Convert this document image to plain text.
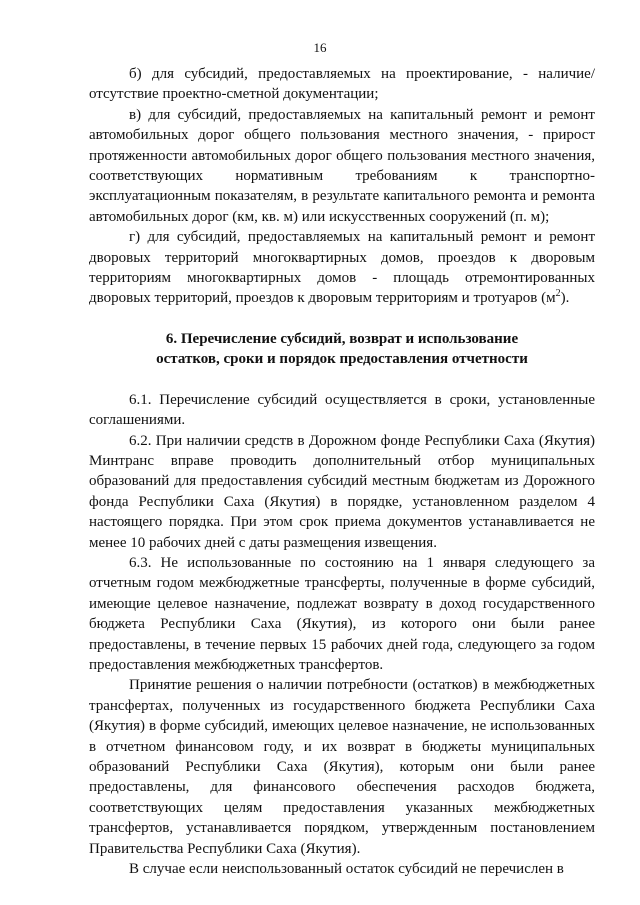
16

б) для субсидий, предоставляемых на проектирование, - наличие/отсутствие проектно-сметной документации;

в) для субсидий, предоставляемых на капитальный ремонт и ремонт автомобильных дорог общего пользования местного значения, - прирост протяженности автомобильных дорог общего пользования местного значения, соответствующих нормативным требованиям к транспортно-эксплуатационным показателям, в результате капитального ремонта и ремонта автомобильных дорог (км, кв. м) или искусственных сооружений (п. м);

г) для субсидий, предоставляемых на капитальный ремонт и ремонт дворовых территорий многоквартирных домов, проездов к дворовым территориям многоквартирных домов - площадь отремонтированных дворовых территорий, проездов к дворовым территориям и тротуаров $(м^2)$.

6. Перечисление субсидий, возврат и использование
остатков, сроки и порядок предоставления отчетности

6.1. Перечисление субсидий осуществляется в сроки, установленные соглашениями.

6.2. При наличии средств в Дорожном фонде Республики Саха (Якутия) Минтранс вправе проводить дополнительный отбор муниципальных образований для предоставления субсидий местным бюджетам из Дорожного фонда Республики Саха (Якутия) в порядке, установленном разделом 4 настоящего порядка. При этом срок приема документов устанавливается не менее 10 рабочих дней с даты размещения извещения.

6.3. Не использованные по состоянию на 1 января следующего за отчетным годом межбюджетные трансферты, полученные в форме субсидий, имеющие целевое назначение, подлежат возврату в доход государственного бюджета Республики Саха (Якутия), из которого они были ранее предоставлены, в течение первых 15 рабочих дней года, следующего за годом предоставления межбюджетных трансфертов.

Принятие решения о наличии потребности (остатков) в межбюджетных трансфертах, полученных из государственного бюджета Республики Саха (Якутия) в форме субсидий, имеющих целевое назначение, не использованных в отчетном финансовом году, и их возврат в бюджеты муниципальных образований Республики Саха (Якутия), которым они были ранее предоставлены, для финансового обеспечения расходов бюджета, соответствующих целям предоставления указанных межбюджетных трансфертов, устанавливается порядком, утвержденным постановлением Правительства Республики Саха (Якутия).

В случае если неиспользованный остаток субсидий не перечислен в
